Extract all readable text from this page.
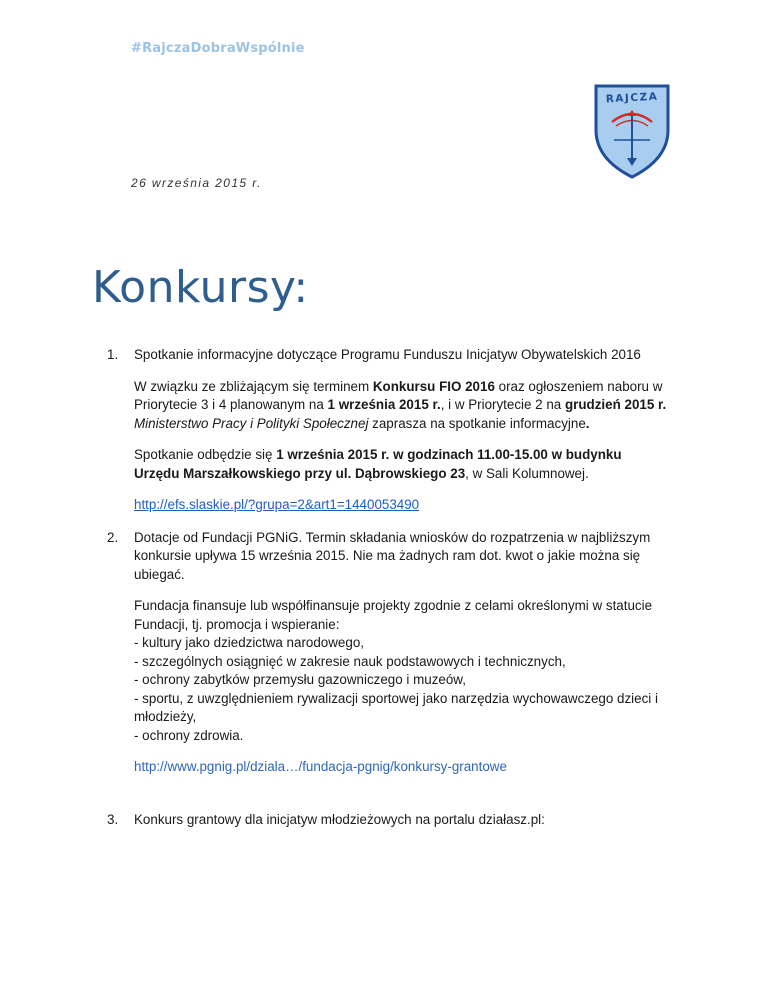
#RajczaDobraWspólnie
RAJCZA
26 września 2015 r.
Konkursy:
1. Spotkanie informacyjne dotyczące Programu Funduszu Inicjatyw Obywatelskich 2016

W związku ze zbliżającym się terminem Konkursu FIO 2016 oraz ogłoszeniem naboru w Priorytecie 3 i 4 planowanym na 1 września 2015 r., i w Priorytecie 2 na grudzień 2015 r. Ministerstwo Pracy i Polityki Społecznej zaprasza na spotkanie informacyjne.

Spotkanie odbędzie się 1 września 2015 r. w godzinach 11.00-15.00 w budynku Urzędu Marszałkowskiego przy ul. Dąbrowskiego 23, w Sali Kolumnowej.

http://efs.slaskie.pl/?grupa=2&art1=1440053490

2. Dotacje od Fundacji PGNiG. Termin składania wniosków do rozpatrzenia w najbliższym konkursie upływa 15 września 2015. Nie ma żadnych ram dot. kwot o jakie można się ubiegać.

Fundacja finansuje lub współfinansuje projekty zgodnie z celami określonymi w statucie Fundacji, tj. promocja i wspieranie:
- kultury jako dziedzictwa narodowego,
- szczególnych osiągnięć w zakresie nauk podstawowych i technicznych,
- ochrony zabytków przemysłu gazowniczego i muzeów,
- sportu, z uwzględnieniem rywalizacji sportowej jako narzędzia wychowawczego dzieci i młodzieży,
- ochrony zdrowia.

http://www.pgnig.pl/dziala…/fundacja-pgnig/konkursy-grantowe

3. Konkurs grantowy dla inicjatyw młodzieżowych na portalu działasz.pl:
